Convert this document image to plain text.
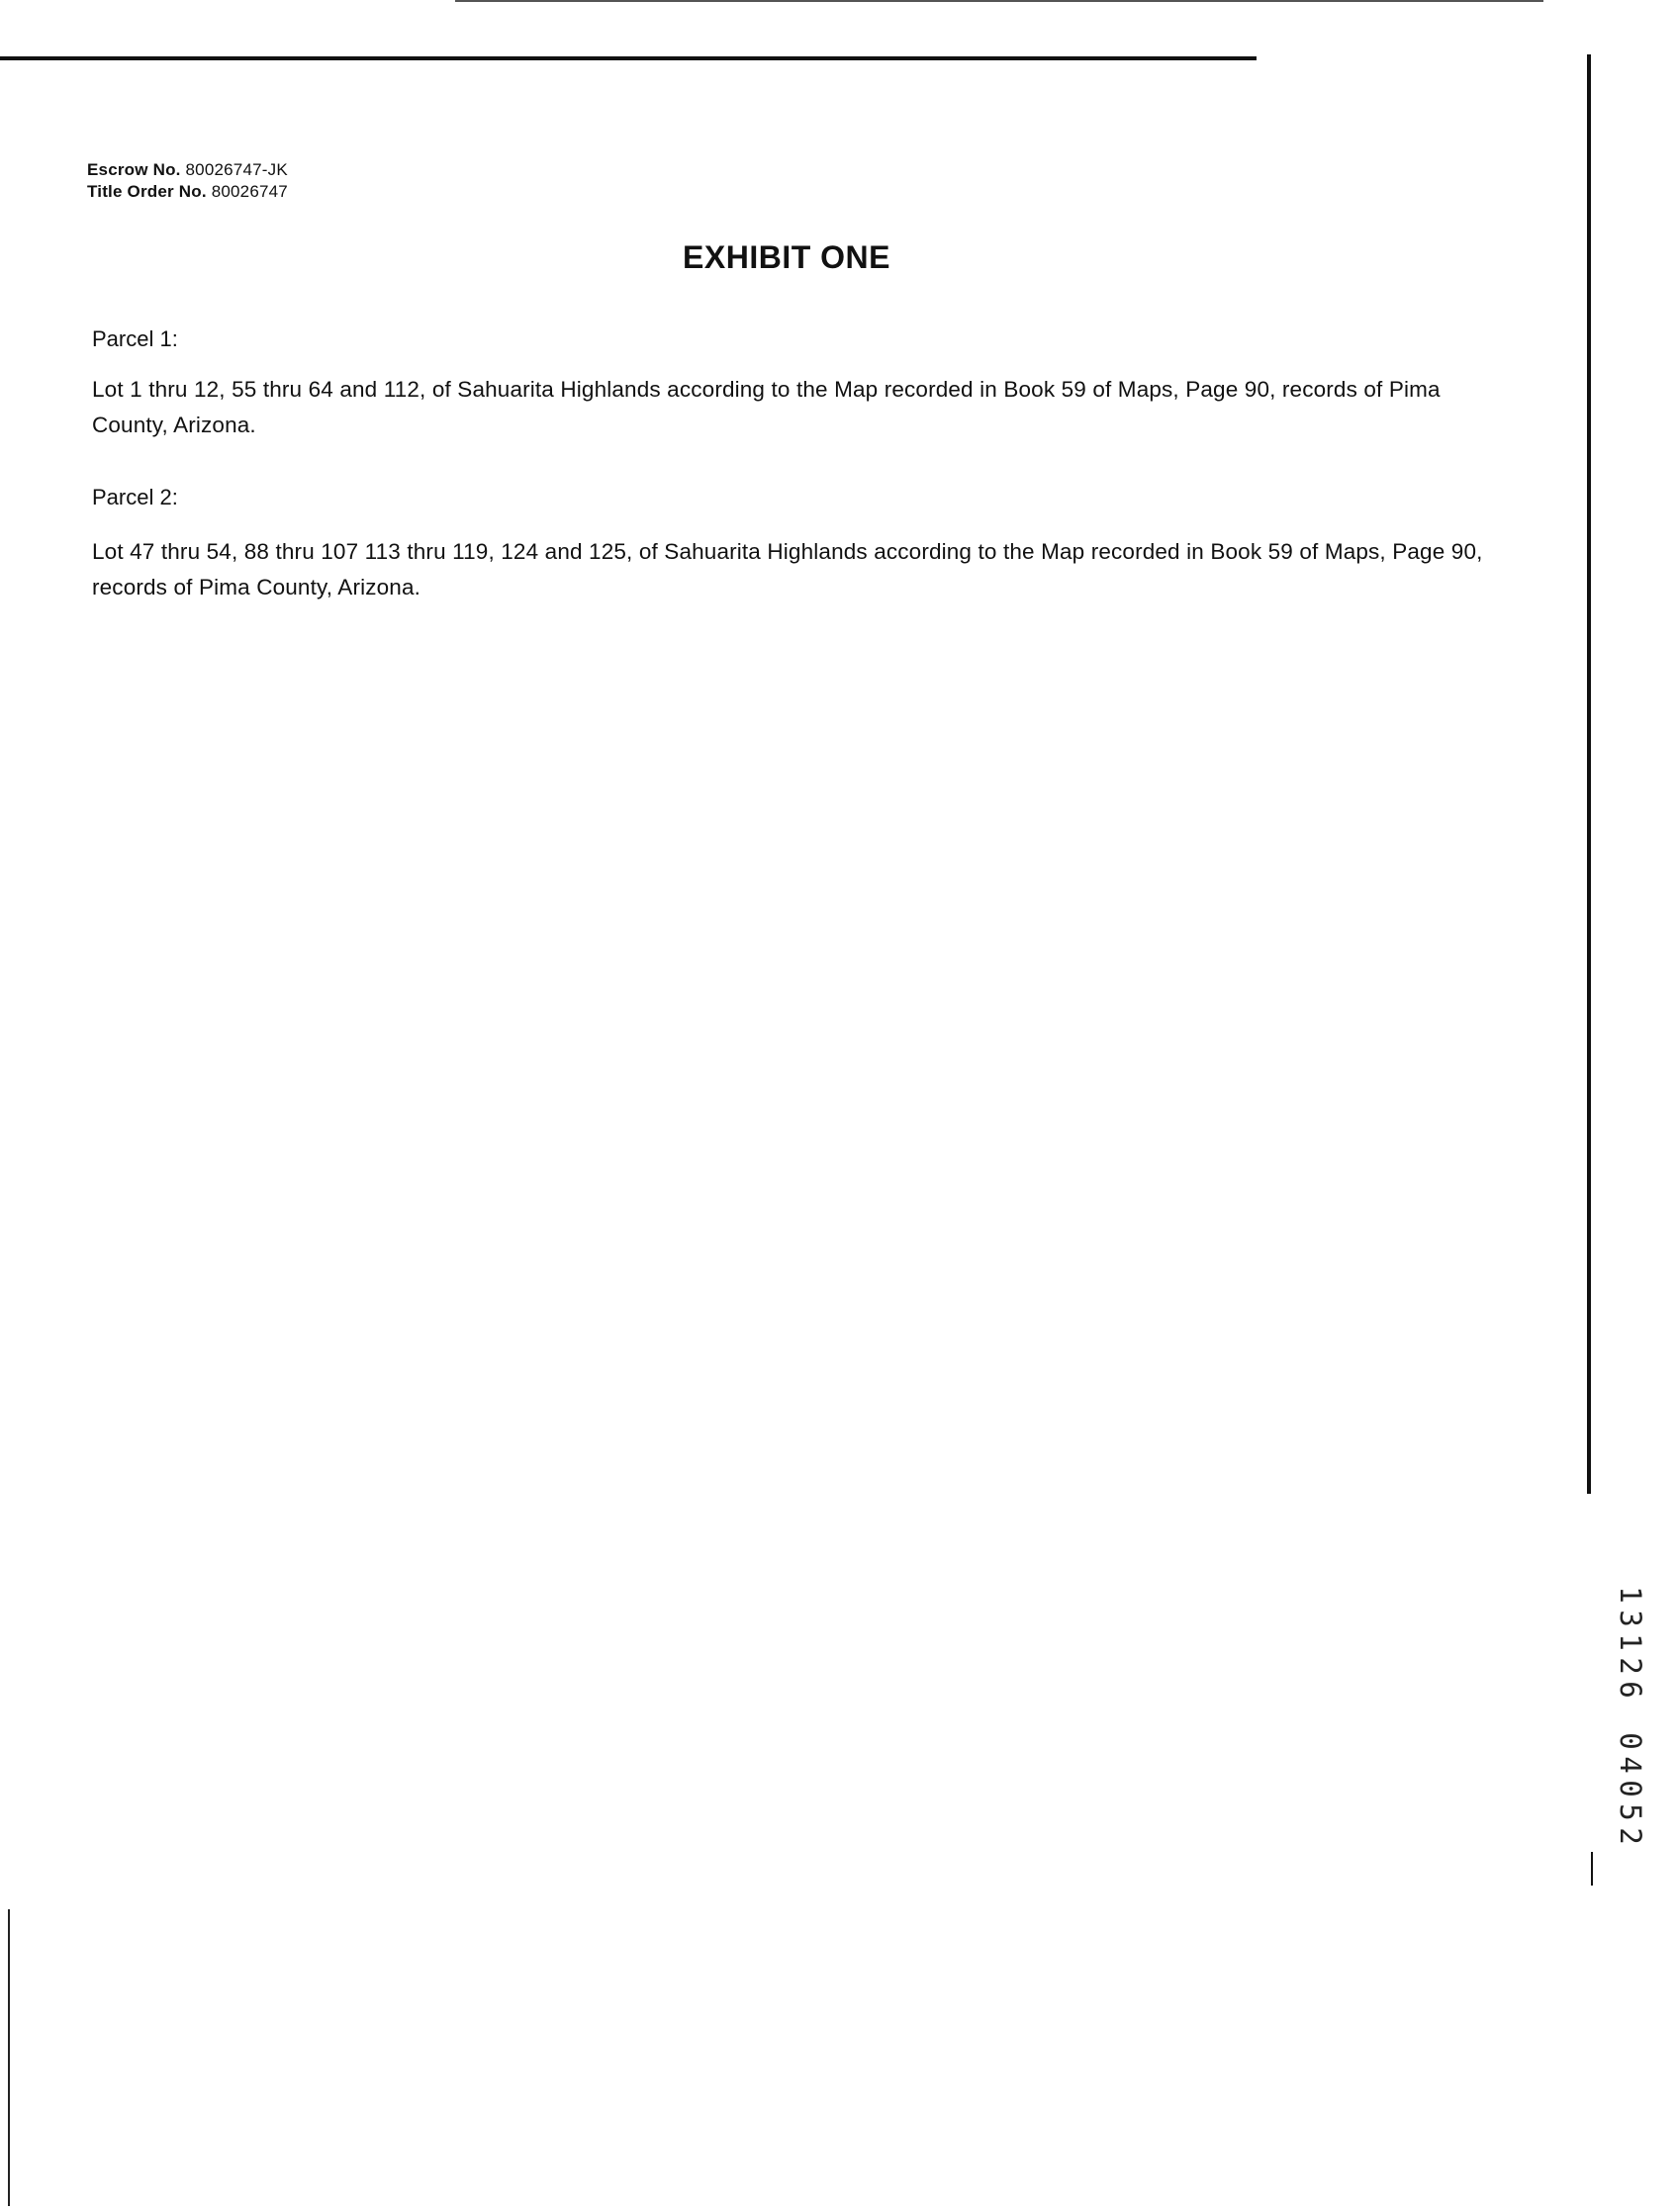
Escrow No. 80026747-JK
Title Order No. 80026747
EXHIBIT ONE
Parcel 1:
Lot 1 thru 12, 55 thru 64 and 112, of Sahuarita Highlands according to the Map recorded in Book 59 of Maps, Page 90, records of Pima County, Arizona.
Parcel 2:
Lot 47 thru 54, 88 thru 107 113 thru 119, 124 and 125, of Sahuarita Highlands according to the Map recorded in Book 59 of Maps, Page 90, records of Pima County, Arizona.
1
3
1
2
6
0
4
0
5
2
